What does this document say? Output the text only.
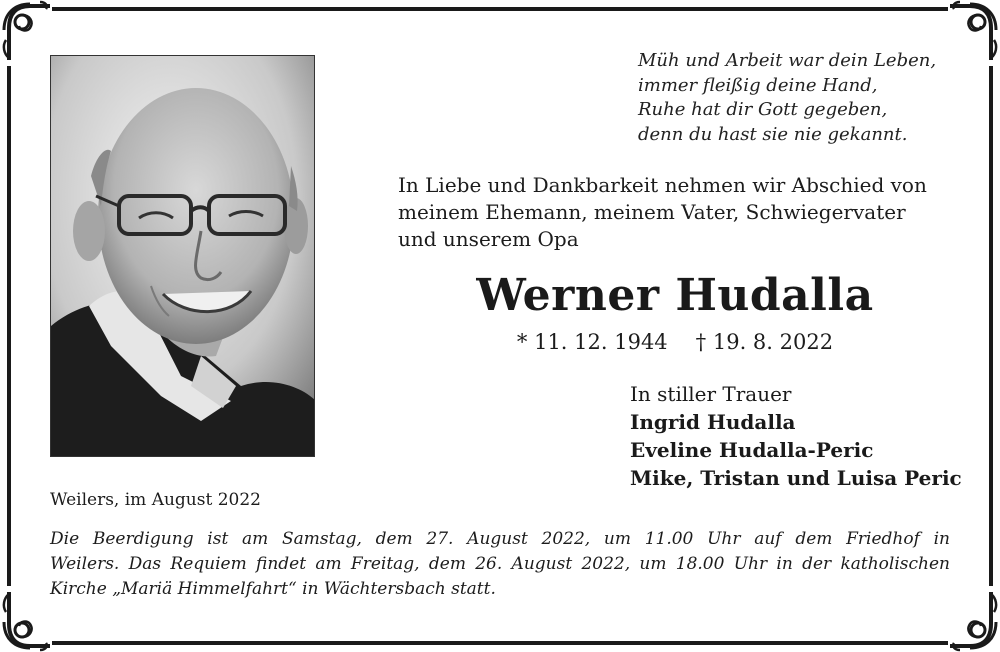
Müh und Arbeit war dein Leben,
immer fleißig deine Hand,
Ruhe hat dir Gott gegeben,
denn du hast sie nie gekannt.
In Liebe und Dankbarkeit nehmen wir Abschied von
meinem Ehemann, meinem Vater, Schwiegervater
und unserem Opa
Werner Hudalla
* 11. 12. 1944 † 19. 8. 2022
In stiller Trauer
Ingrid Hudalla
Eveline Hudalla-Peric
Mike, Tristan und Luisa Peric
Weilers, im August 2022
Die Beerdigung ist am Samstag, dem 27. August 2022, um 11.00 Uhr auf dem Friedhof in
Weilers. Das Requiem findet am Freitag, dem 26. August 2022, um 18.00 Uhr in der katholischen
Kirche „Mariä Himmelfahrt“ in Wächtersbach statt.
